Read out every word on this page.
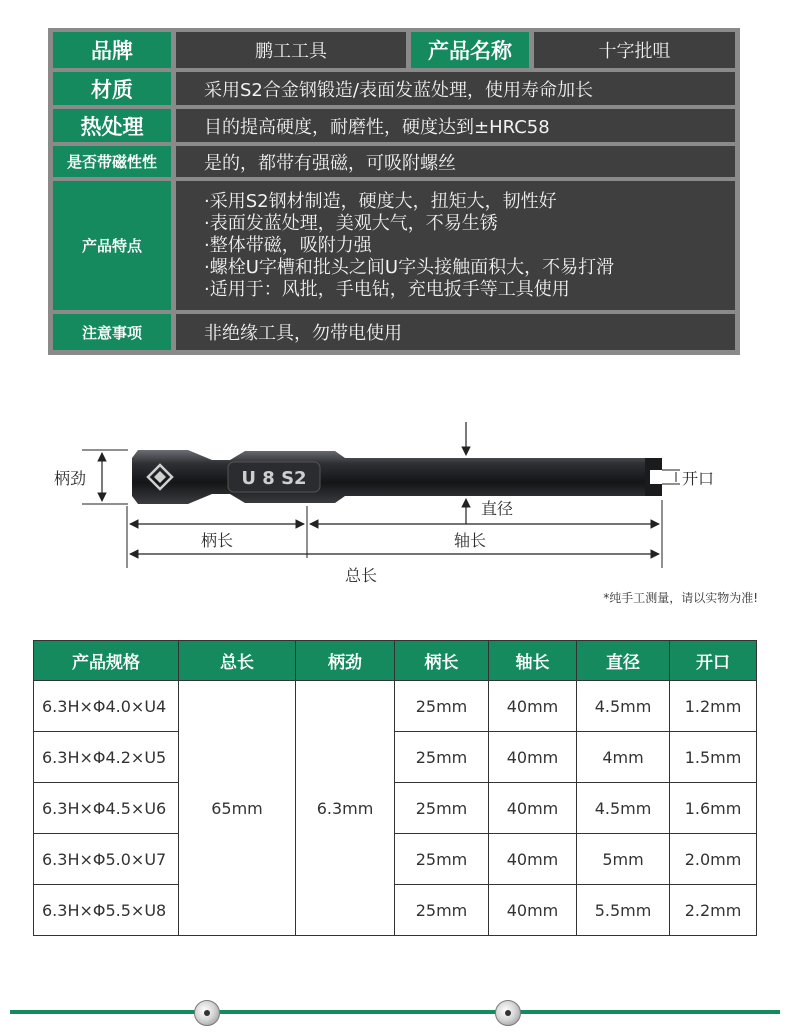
品牌	鹏工工具	产品名称	十字批咀
材质	采用S2合金钢锻造/表面发蓝处理，使用寿命加长
热处理	目的提高硬度，耐磨性，硬度达到±HRC58
是否带磁性性	是的，都带有强磁，可吸附螺丝
产品特点
·采用S2钢材制造，硬度大，扭矩大，韧性好
·表面发蓝处理，美观大气，不易生锈
·整体带磁，吸附力强
·螺栓U字槽和批头之间U字头接触面积大，不易打滑
·适用于：风批，手电钻，充电扳手等工具使用
注意事项	非绝缘工具，勿带电使用
U 8 S2
柄劲	开口
直径
柄长	轴长
总长
*纯手工测量，请以实物为准!
产品规格	总长	柄劲	柄长	轴长	直径	开口
6.3H×Φ4.0×U4	65mm	6.3mm	25mm	40mm	4.5mm	1.2mm
6.3H×Φ4.2×U5			25mm	40mm	4mm	1.5mm
6.3H×Φ4.5×U6			25mm	40mm	4.5mm	1.6mm
6.3H×Φ5.0×U7			25mm	40mm	5mm	2.0mm
6.3H×Φ5.5×U8			25mm	40mm	5.5mm	2.2mm
